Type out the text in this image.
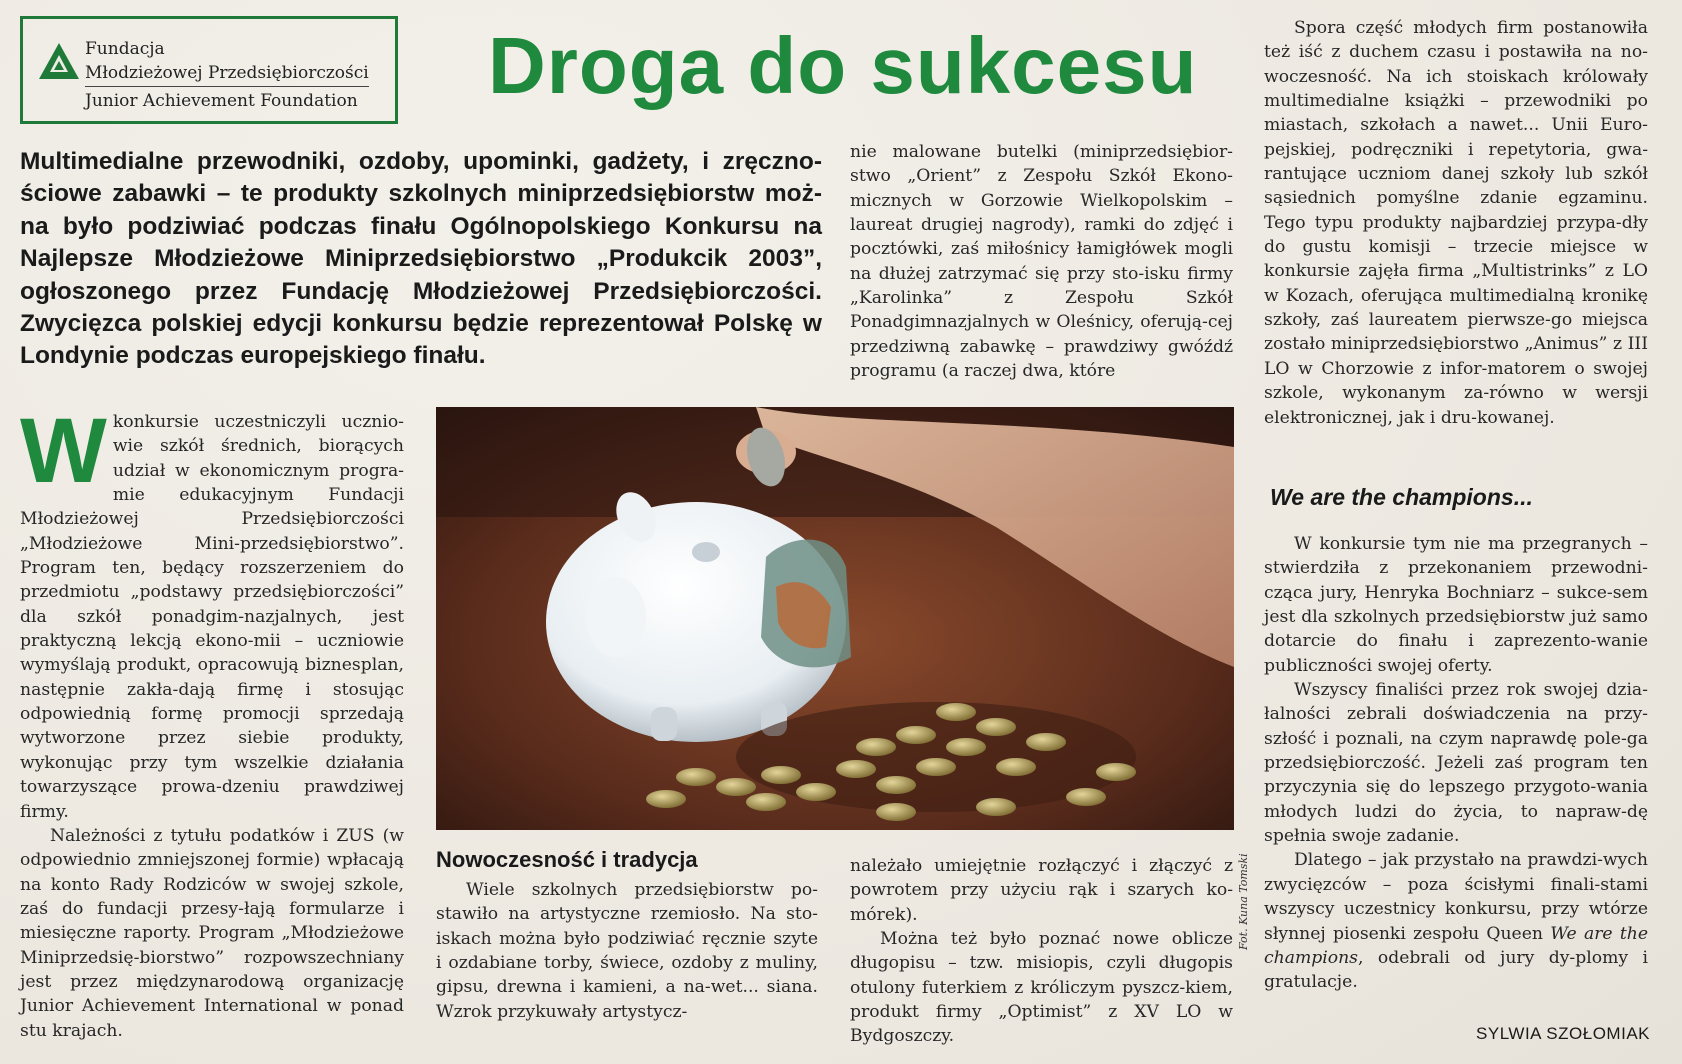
Fundacja
Młodzieżowej Przedsiębiorczości
Junior Achievement Foundation	Droga do sukcesu
Multimedialne przewodniki, ozdoby, upominki, gadżety, i zręczno-ściowe zabawki – te produkty szkolnych miniprzedsiębiorstw moż-na było podziwiać podczas finału Ogólnopolskiego Konkursu na Najlepsze Młodzieżowe Miniprzedsiębiorstwo „Produkcik 2003”, ogłoszonego przez Fundację Młodzieżowej Przedsiębiorczości. Zwycięzca polskiej edycji konkursu będzie reprezentował Polskę w Londynie podczas europejskiego finału.
W konkursie uczestniczyli ucznio-wie szkół średnich, biorących udział w ekonomicznym progra-mie edukacyjnym Fundacji Młodzieżowej Przedsiębiorczości „Młodzieżowe Mini-przedsiębiorstwo”. Program ten, będący rozszerzeniem do przedmiotu „podstawy przedsiębiorczości” dla szkół ponadgim-nazjalnych, jest praktyczną lekcją ekono-mii – uczniowie wymyślają produkt, opracowują biznesplan, następnie zakła-dają firmę i stosując odpowiednią formę promocji sprzedają wytworzone przez siebie produkty, wykonując przy tym wszelkie działania towarzyszące prowa-dzeniu prawdziwej firmy.

Należności z tytułu podatków i ZUS (w odpowiednio zmniejszonej formie) wpłacają na konto Rady Rodziców w swojej szkole, zaś do fundacji przesy-łają formularze i miesięczne raporty. Program „Młodzieżowe Miniprzedsię-biorstwo” rozpowszechniany jest przez międzynarodową organizację Junior Achievement International w ponad stu krajach.

nie malowane butelki (miniprzedsiębior-stwo „Orient” z Zespołu Szkół Ekono-micznych w Gorzowie Wielkopolskim – laureat drugiej nagrody), ramki do zdjęć i pocztówki, zaś miłośnicy łamigłówek mogli na dłużej zatrzymać się przy sto-isku firmy „Karolinka” z Zespołu Szkół Ponadgimnazjalnych w Oleśnicy, oferują-cej przedziwną zabawkę – prawdziwy gwóźdź programu (a raczej dwa, które

Fot. Kuna Tomski
Nowoczesność i tradycja

Wiele szkolnych przedsiębiorstw po-stawiło na artystyczne rzemiosło. Na sto-iskach można było podziwiać ręcznie szyte i ozdabiane torby, świece, ozdoby z muliny, gipsu, drewna i kamieni, a na-wet... siana. Wzrok przykuwały artystycz-

należało umiejętnie rozłączyć i złączyć z powrotem przy użyciu rąk i szarych ko-mórek).

Można też było poznać nowe oblicze długopisu – tzw. misiopis, czyli długopis otulony futerkiem z króliczym pyszcz-kiem, produkt firmy „Optimist” z XV LO w Bydgoszczy.

Spora część młodych firm postanowiła też iść z duchem czasu i postawiła na no-woczesność. Na ich stoiskach królowały multimedialne książki – przewodniki po miastach, szkołach a nawet... Unii Euro-pejskiej, podręczniki i repetytoria, gwa-rantujące uczniom danej szkoły lub szkół sąsiednich pomyślne zdanie egzaminu. Tego typu produkty najbardziej przypa-dły do gustu komisji – trzecie miejsce w konkursie zajęła firma „Multistrinks” z LO w Kozach, oferująca multimedialną kronikę szkoły, zaś laureatem pierwsze-go miejsca zostało miniprzedsiębiorstwo „Animus” z III LO w Chorzowie z infor-matorem o swojej szkole, wykonanym za-równo w wersji elektronicznej, jak i dru-kowanej.

We are the champions...

W konkursie tym nie ma przegranych – stwierdziła z przekonaniem przewodni-cząca jury, Henryka Bochniarz – sukce-sem jest dla szkolnych przedsiębiorstw już samo dotarcie do finału i zaprezento-wanie publiczności swojej oferty.

Wszyscy finaliści przez rok swojej dzia-łalności zebrali doświadczenia na przy-szłość i poznali, na czym naprawdę pole-ga przedsiębiorczość. Jeżeli zaś program ten przyczynia się do lepszego przygoto-wania młodych ludzi do życia, to napraw-dę spełnia swoje zadanie.

Dlatego – jak przystało na prawdzi-wych zwycięzców – poza ścisłymi finali-stami wszyscy uczestnicy konkursu, przy wtórze słynnej piosenki zespołu Queen We are the champions, odebrali od jury dy-plomy i gratulacje.

SYLWIA SZOŁOMIAK
